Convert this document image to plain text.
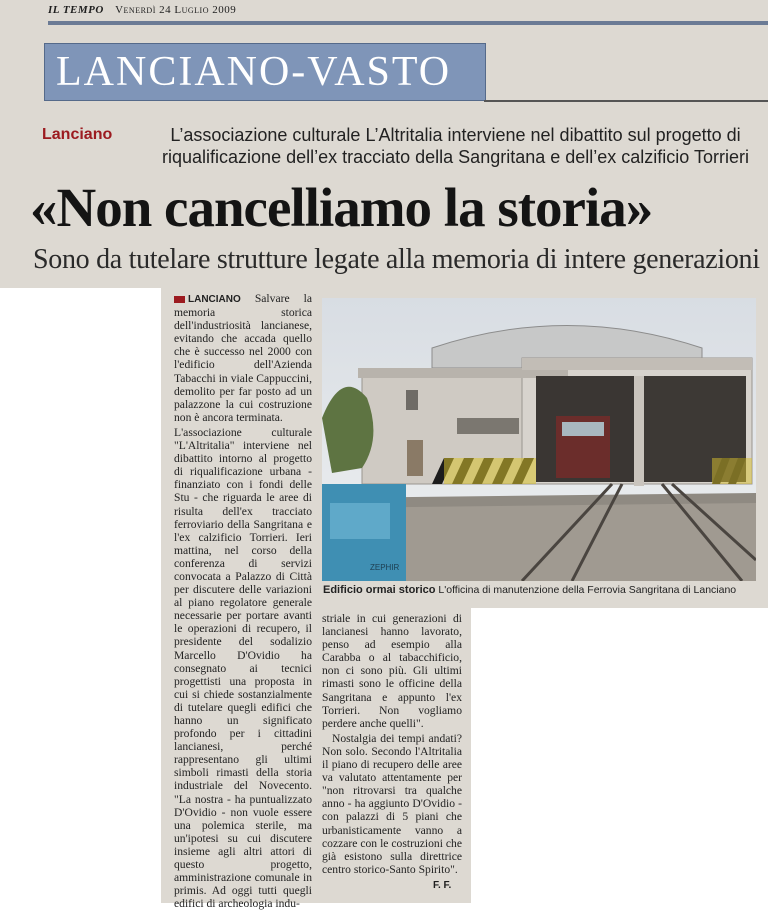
IL TEMPO Venerdì 24 Luglio 2009
LANCIANO-VASTO
Lanciano	L’associazione culturale L’Altritalia interviene nel dibattito sul progetto di riqualificazione dell’ex tracciato della Sangritana e dell’ex calzificio Torrieri
«Non cancelliamo la storia»
Sono da tutelare strutture legate alla memoria di intere generazioni

LANCIANO Salvare la memoria storica dell'industriosità lancianese, evitando che accada quello che è successo nel 2000 con l'edificio dell'Azienda Tabacchi in viale Cappuccini, demolito per far posto ad un palazzone la cui costruzione non è ancora terminata.

L'associazione culturale "L'Altritalia" interviene nel dibattito intorno al progetto di riqualificazione urbana - finanziato con i fondi delle Stu - che riguarda le aree di risulta dell'ex tracciato ferroviario della Sangritana e l'ex calzificio Torrieri. Ieri mattina, nel corso della conferenza di servizi convocata a Palazzo di Città per discutere delle variazioni al piano regolatore generale necessarie per portare avanti le operazioni di recupero, il presidente del sodalizio Marcello D'Ovidio ha consegnato ai tecnici progettisti una proposta in cui si chiede sostanzialmente di tutelare quegli edifici che hanno un significato profondo per i cittadini lancianesi, perché rappresentano gli ultimi simboli rimasti della storia industriale del Novecento. "La nostra - ha puntualizzato D'Ovidio - non vuole essere una polemica sterile, ma un'ipotesi su cui discutere insieme agli altri attori di questo progetto, amministrazione comunale in primis. Ad oggi tutti quegli edifici di archeologia indu-

ZEPHIR
Edificio ormai storico L'officina di manutenzione della Ferrovia Sangritana di Lanciano

striale in cui generazioni di lancianesi hanno lavorato, penso ad esempio alla Carabba o al tabacchificio, non ci sono più. Gli ultimi rimasti sono le officine della Sangritana e appunto l'ex Torrieri. Non vogliamo perdere anche quelli".

Nostalgia dei tempi andati? Non solo. Secondo l'Altritalia il piano di recupero delle aree va valutato attentamente per "non ritrovarsi tra qualche anno - ha aggiunto D'Ovidio - con palazzi di 5 piani che urbanisticamente vanno a cozzare con le costruzioni che già esistono sulla direttrice centro storico-Santo Spirito".

F. F.
